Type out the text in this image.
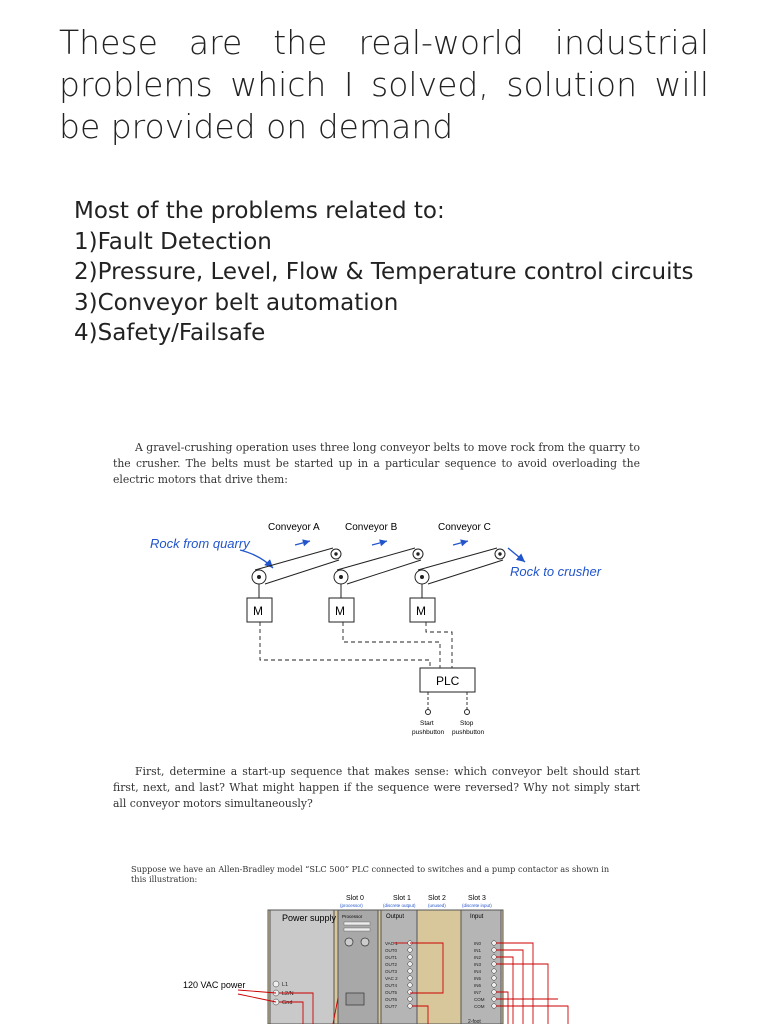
These are the real-world industrial problems which I solved, solution will be provided on demand
Most of the problems related to:
1)Fault Detection
2)Pressure, Level, Flow & Temperature control circuits
3)Conveyor belt automation
4)Safety/Failsafe
A gravel-crushing operation uses three long conveyor belts to move rock from the quarry to the crusher. The belts must be started up in a particular sequence to avoid overloading the electric motors that drive them:
Conveyor A	Conveyor B	Conveyor C
Rock from quarry
Rock to crusher
M	M	M
PLC
Start
pushbutton
Stop
pushbutton
First, determine a start-up sequence that makes sense: which conveyor belt should start first, next, and last? What might happen if the sequence were reversed? Why not simply start all conveyor motors simultaneously?
Suppose we have an Allen-Bradley model “SLC 500” PLC connected to switches and a pump contactor as shown in this illustration:
Slot 0
(processor)
Slot 1
(discrete output)
Slot 2
(unused)
Slot 3
(discrete input)
Power supply Processor	Output	Input
VAC 1
OUT0
OUT1
OUT2
OUT3
VAC 2
OUT4
OUT5
OUT6
OUT7
IN0
IN1
IN2
IN3
IN4
IN5
IN6
IN7
COM
COM
L1
L2/N
Gnd
120 VAC power
2-foot
